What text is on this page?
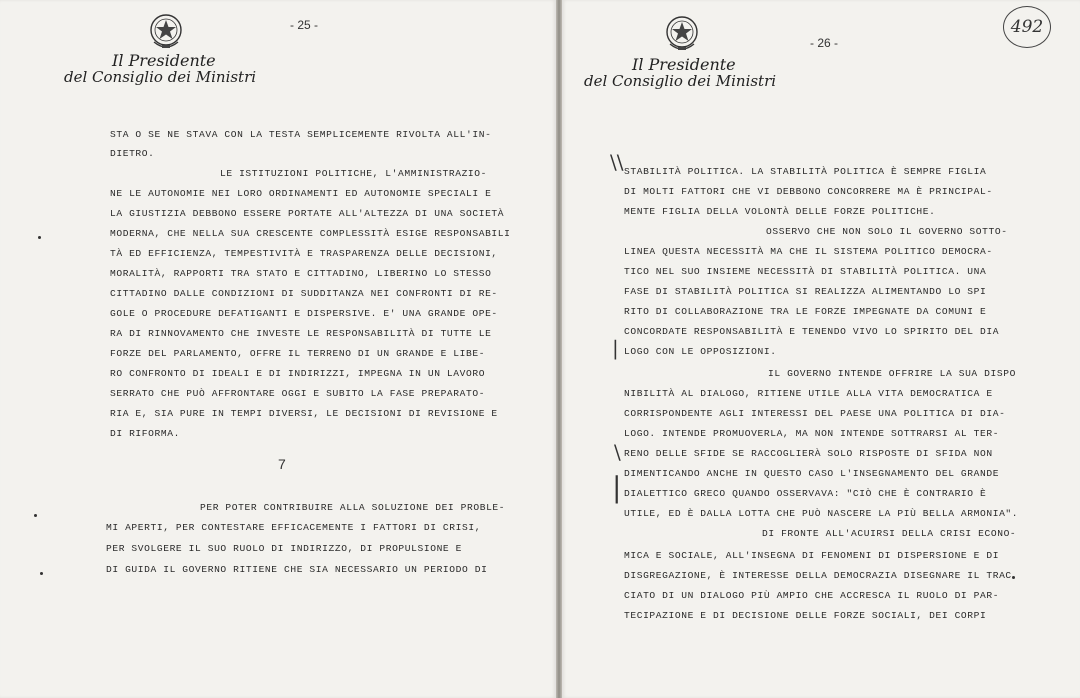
Il Presidente
del Consiglio dei Ministri
- 25 -
STA O SE NE STAVA CON LA TESTA SEMPLICEMENTE RIVOLTA ALL'IN-
DIETRO.
LE ISTITUZIONI POLITICHE, L'AMMINISTRAZIO-
NE LE AUTONOMIE NEI LORO ORDINAMENTI ED AUTONOMIE SPECIALI E
LA GIUSTIZIA DEBBONO ESSERE PORTATE ALL'ALTEZZA DI UNA SOCIETÀ
MODERNA, CHE NELLA SUA CRESCENTE COMPLESSITÀ ESIGE RESPONSABILI
TÀ ED EFFICIENZA, TEMPESTIVITÀ E TRASPARENZA DELLE DECISIONI,
MORALITÀ, RAPPORTI TRA STATO E CITTADINO, LIBERINO LO STESSO
CITTADINO DALLE CONDIZIONI DI SUDDITANZA NEI CONFRONTI DI RE-
GOLE O PROCEDURE DEFATIGANTI E DISPERSIVE. E' UNA GRANDE OPE-
RA DI RINNOVAMENTO CHE INVESTE LE RESPONSABILITÀ DI TUTTE LE
FORZE DEL PARLAMENTO, OFFRE IL TERRENO DI UN GRANDE E LIBE-
RO CONFRONTO DI IDEALI E DI INDIRIZZI, IMPEGNA IN UN LAVORO
SERRATO CHE PUÒ AFFRONTARE OGGI E SUBITO LA FASE PREPARATO-
RIA E, SIA PURE IN TEMPI DIVERSI, LE DECISIONI DI REVISIONE E
DI RIFORMA.
7
PER POTER CONTRIBUIRE ALLA SOLUZIONE DEI PROBLE-
MI APERTI, PER CONTESTARE EFFICACEMENTE I FATTORI DI CRISI,
PER SVOLGERE IL SUO RUOLO DI INDIRIZZO, DI PROPULSIONE E
DI GUIDA IL GOVERNO RITIENE CHE SIA NECESSARIO UN PERIODO DI
Il Presidente
del Consiglio dei Ministri
- 26 -
STABILITÀ POLITICA. LA STABILITÀ POLITICA È SEMPRE FIGLIA
DI MOLTI FATTORI CHE VI DEBBONO CONCORRERE MA È PRINCIPAL-
MENTE FIGLIA DELLA VOLONTÀ DELLE FORZE POLITICHE.
OSSERVO CHE NON SOLO IL GOVERNO SOTTO-
LINEA QUESTA NECESSITÀ MA CHE IL SISTEMA POLITICO DEMOCRA-
TICO NEL SUO INSIEME NECESSITÀ DI STABILITÀ POLITICA. UNA
FASE DI STABILITÀ POLITICA SI REALIZZA ALIMENTANDO LO SPI
RITO DI COLLABORAZIONE TRA LE FORZE IMPEGNATE DA COMUNI E
CONCORDATE RESPONSABILITÀ E TENENDO VIVO LO SPIRITO DEL DIA
LOGO CON LE OPPOSIZIONI.
IL GOVERNO INTENDE OFFRIRE LA SUA DISPO
NIBILITÀ AL DIALOGO, RITIENE UTILE ALLA VITA DEMOCRATICA E
CORRISPONDENTE AGLI INTERESSI DEL PAESE UNA POLITICA DI DIA-
LOGO. INTENDE PROMUOVERLA, MA NON INTENDE SOTTRARSI AL TER-
RENO DELLE SFIDE SE RACCOGLIERÀ SOLO RISPOSTE DI SFIDA NON
DIMENTICANDO ANCHE IN QUESTO CASO L'INSEGNAMENTO DEL GRANDE
DIALETTICO GRECO QUANDO OSSERVAVA: "CIÒ CHE È CONTRARIO È
UTILE, ED È DALLA LOTTA CHE PUÒ NASCERE LA PIÙ BELLA ARMONIA".
DI FRONTE ALL'ACUIRSI DELLA CRISI ECONO-
MICA E SOCIALE, ALL'INSEGNA DI FENOMENI DI DISPERSIONE E DI
DISGREGAZIONE, È INTERESSE DELLA DEMOCRAZIA DISEGNARE IL TRAC
CIATO DI UN DIALOGO PIÙ AMPIO CHE ACCRESCA IL RUOLO DI PAR-
TECIPAZIONE E DI DECISIONE DELLE FORZE SOCIALI, DEI CORPI
\\
|
\
|
492
